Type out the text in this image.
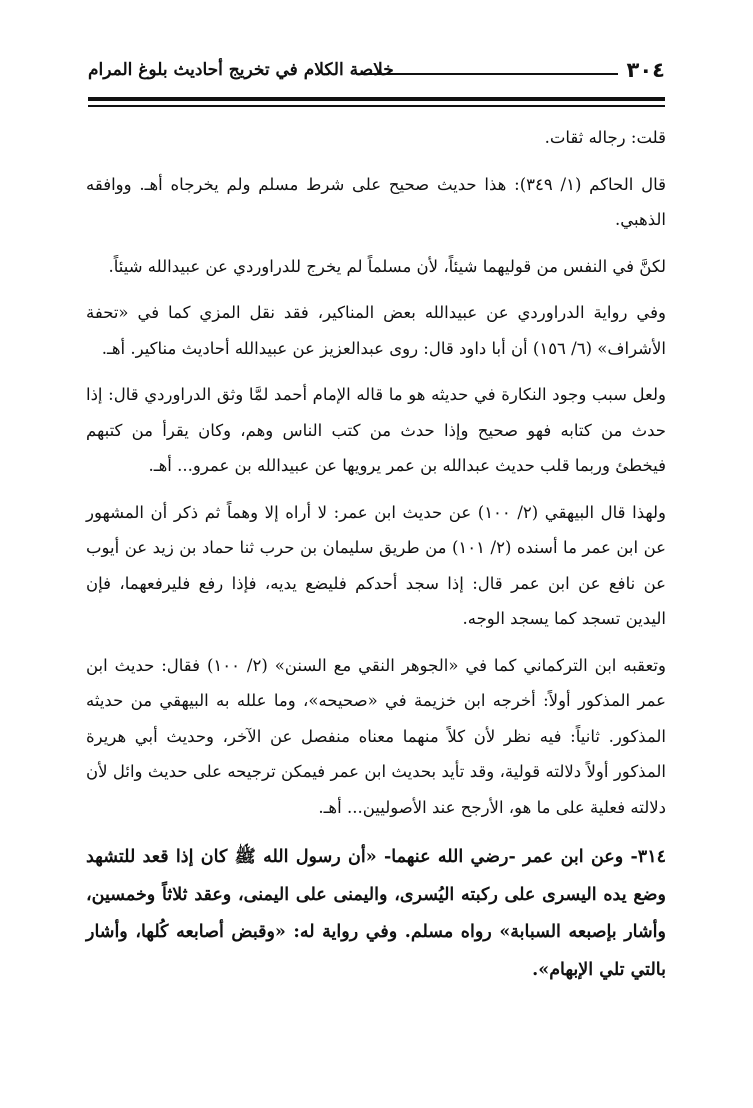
٣٠٤
خلاصة الكلام في تخريج أحاديث بلوغ المرام

قلت: رجاله ثقات.

قال الحاكم (١/ ٣٤٩): هذا حديث صحيح على شرط مسلم ولم يخرجاه أهـ. ووافقه الذهبي.

لكنَّ في النفس من قوليهما شيئاً، لأن مسلماً لم يخرج للدراوردي عن عبيدالله شيئاً.

وفي رواية الدراوردي عن عبيدالله بعض المناكير، فقد نقل المزي كما في «تحفة الأشراف» (٦/ ١٥٦) أن أبا داود قال: روى عبدالعزيز عن عبيدالله أحاديث مناكير. أهـ.

ولعل سبب وجود النكارة في حديثه هو ما قاله الإمام أحمد لمَّا وثق الدراوردي قال: إذا حدث من كتابه فهو صحيح وإذا حدث من كتب الناس وهم، وكان يقرأ من كتبهم فيخطئ وربما قلب حديث عبدالله بن عمر يرويها عن عبيدالله بن عمرو... أهـ.

ولهذا قال البيهقي (٢/ ١٠٠) عن حديث ابن عمر: لا أراه إلا وهماً ثم ذكر أن المشهور عن ابن عمر ما أسنده (٢/ ١٠١) من طريق سليمان بن حرب ثنا حماد بن زيد عن أيوب عن نافع عن ابن عمر قال: إذا سجد أحدكم فليضع يديه، فإذا رفع فليرفعهما، فإن اليدين تسجد كما يسجد الوجه.

وتعقبه ابن التركماني كما في «الجوهر النقي مع السنن» (٢/ ١٠٠) فقال: حديث ابن عمر المذكور أولاً: أخرجه ابن خزيمة في «صحيحه»، وما علله به البيهقي من حديثه المذكور. ثانياً: فيه نظر لأن كلاً منهما معناه منفصل عن الآخر، وحديث أبي هريرة المذكور أولاً دلالته قولية، وقد تأيد بحديث ابن عمر فيمكن ترجيحه على حديث وائل لأن دلالته فعلية على ما هو، الأرجح عند الأصوليين... أهـ.

٣١٤- وعن ابن عمر -رضي الله عنهما- «أن رسول الله ﷺ كان إذا قعد للتشهد وضع يده اليسرى على ركبته اليُسرى، واليمنى على اليمنى، وعقد ثلاثاً وخمسين، وأشار بإصبعه السبابة» رواه مسلم. وفي رواية له: «وقبض أصابعه كُلها، وأشار بالتي تلي الإبهام».
